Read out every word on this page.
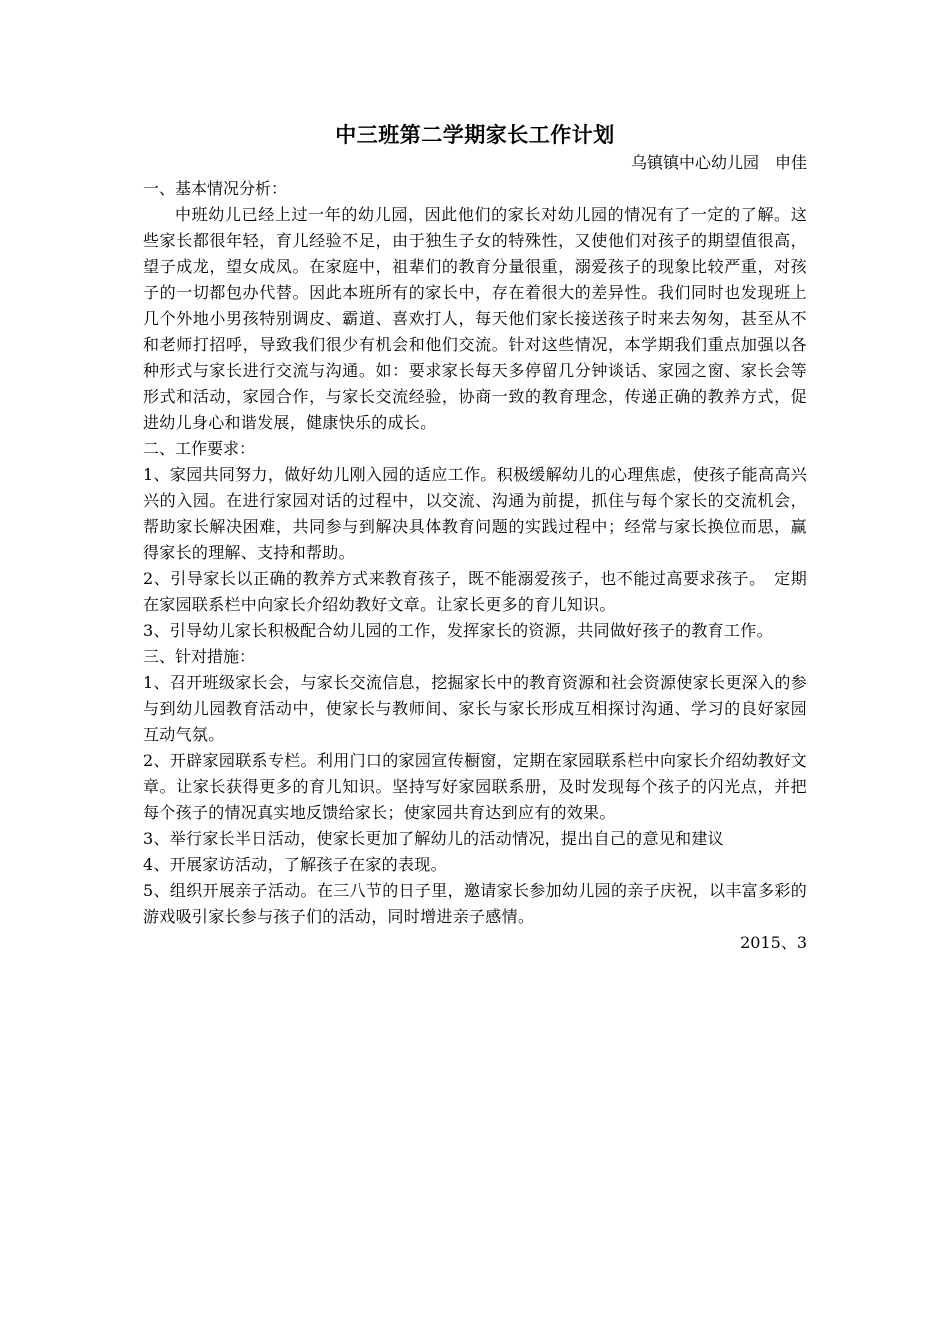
中三班第二学期家长工作计划

乌镇镇中心幼儿园　申佳

一、基本情况分析：

中班幼儿已经上过一年的幼儿园，因此他们的家长对幼儿园的情况有了一定的了解。这些家长都很年轻，育儿经验不足，由于独生子女的特殊性，又使他们对孩子的期望值很高，望子成龙，望女成凤。在家庭中，祖辈们的教育分量很重，溺爱孩子的现象比较严重，对孩子的一切都包办代替。因此本班所有的家长中，存在着很大的差异性。我们同时也发现班上几个外地小男孩特别调皮、霸道、喜欢打人，每天他们家长接送孩子时来去匆匆，甚至从不和老师打招呼，导致我们很少有机会和他们交流。针对这些情况，本学期我们重点加强以各种形式与家长进行交流与沟通。如：要求家长每天多停留几分钟谈话、家园之窗、家长会等形式和活动，家园合作，与家长交流经验，协商一致的教育理念，传递正确的教养方式，促进幼儿身心和谐发展，健康快乐的成长。

二、工作要求：

1、家园共同努力，做好幼儿刚入园的适应工作。积极缓解幼儿的心理焦虑，使孩子能高高兴兴的入园。在进行家园对话的过程中，以交流、沟通为前提，抓住与每个家长的交流机会，帮助家长解决困难，共同参与到解决具体教育问题的实践过程中；经常与家长换位而思，赢得家长的理解、支持和帮助。

2、引导家长以正确的教养方式来教育孩子，既不能溺爱孩子，也不能过高要求孩子。　定期在家园联系栏中向家长介绍幼教好文章。让家长更多的育儿知识。

3、引导幼儿家长积极配合幼儿园的工作，发挥家长的资源，共同做好孩子的教育工作。

三、针对措施：

1、召开班级家长会，与家长交流信息，挖掘家长中的教育资源和社会资源使家长更深入的参与到幼儿园教育活动中，使家长与教师间、家长与家长形成互相探讨沟通、学习的良好家园互动气氛。

2、开辟家园联系专栏。利用门口的家园宣传橱窗，定期在家园联系栏中向家长介绍幼教好文章。让家长获得更多的育儿知识。坚持写好家园联系册，及时发现每个孩子的闪光点，并把每个孩子的情况真实地反馈给家长；使家园共育达到应有的效果。

3、举行家长半日活动，使家长更加了解幼儿的活动情况，提出自己的意见和建议

4、开展家访活动，了解孩子在家的表现。

5、组织开展亲子活动。在三八节的日子里，邀请家长参加幼儿园的亲子庆祝，以丰富多彩的游戏吸引家长参与孩子们的活动，同时增进亲子感情。

2015、3
